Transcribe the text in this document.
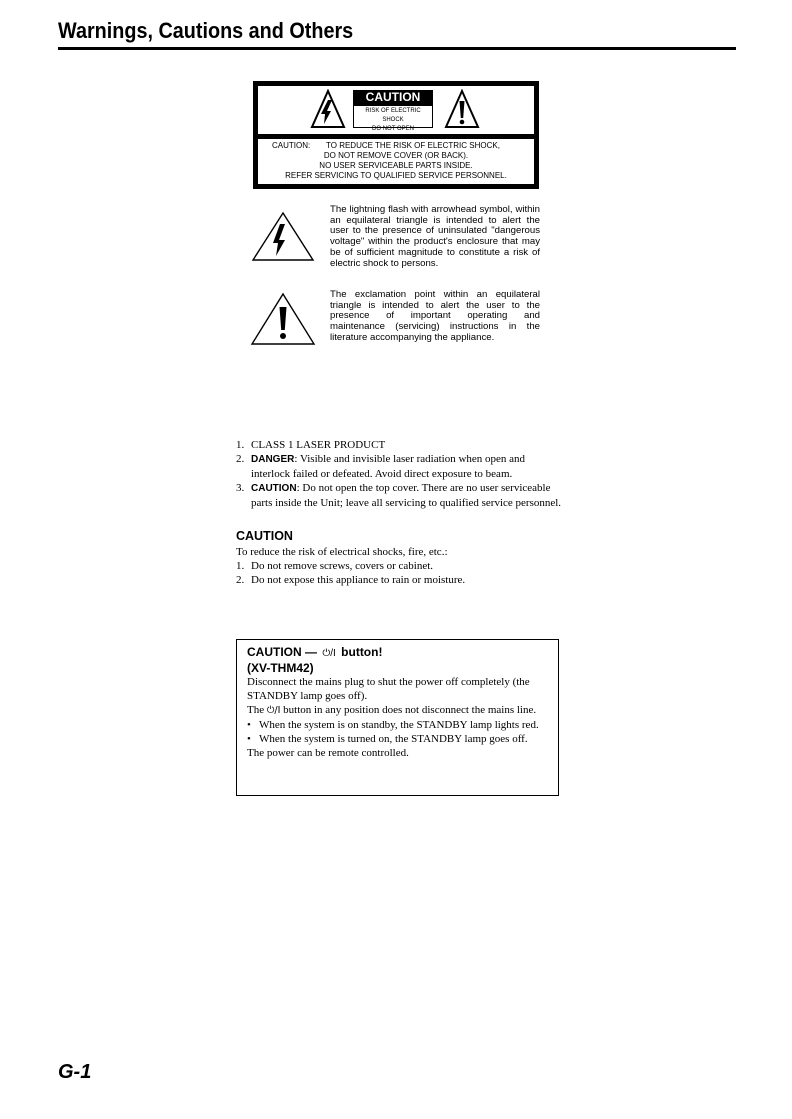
Warnings, Cautions and Others
CAUTION
RISK OF ELECTRIC SHOCK
DO NOT OPEN
CAUTION:	TO REDUCE THE RISK OF ELECTRIC SHOCK,
DO NOT REMOVE COVER (OR BACK).
NO USER SERVICEABLE PARTS INSIDE.
REFER SERVICING TO QUALIFIED SERVICE PERSONNEL.

The lightning flash with arrowhead symbol, within an equilateral triangle is intended to alert the user to the presence of uninsulated "dangerous voltage" within the product's enclosure that may be of sufficient magnitude to constitute a risk of electric shock to persons.

The exclamation point within an equilateral triangle is intended to alert the user to the presence of important operating and maintenance (servicing) instructions in the literature accompanying the appliance.

1. CLASS 1 LASER PRODUCT
2. DANGER: Visible and invisible laser radiation when open and interlock failed or defeated. Avoid direct exposure to beam.
3. CAUTION: Do not open the top cover. There are no user serviceable parts inside the Unit; leave all servicing to qualified service personnel.
CAUTION

To reduce the risk of electrical shocks, fire, etc.:

1. Do not remove screws, covers or cabinet.
2. Do not expose this appliance to rain or moisture.

CAUTION — ⏻/I button!
(XV-THM42)

Disconnect the mains plug to shut the power off completely (the STANDBY lamp goes off).

The ⏻/I button in any position does not disconnect the mains line.

• When the system is on standby, the STANDBY lamp lights red.
• When the system is turned on, the STANDBY lamp goes off.

The power can be remote controlled.

G-1
